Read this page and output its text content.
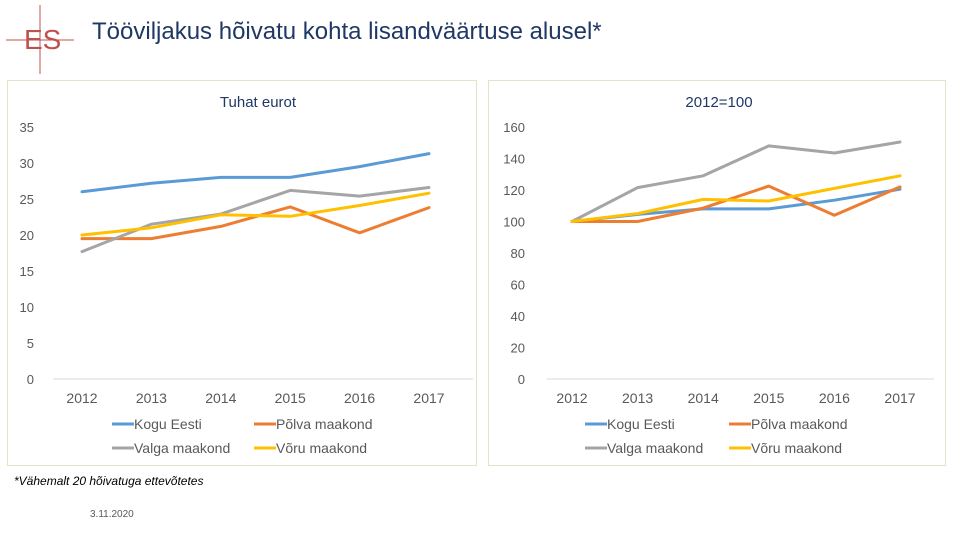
ES Tööviljakus hõivatu kohta lisandväärtuse alusel*
Tuhat eurot
0
5
10
15
20
25
30
35
2012	2013	2014	2015	2016	2017
Kogu Eesti	Põlva maakond
Valga maakond	Võru maakond
2012=100
0
20
40
60
80
100
120
140
160
2012 2013 2014 2015 2016 2017
Kogu Eesti	Põlva maakond
Valga maakond	Võru maakond
*Vähemalt 20 hõivatuga ettevõtetes
3.11.2020
